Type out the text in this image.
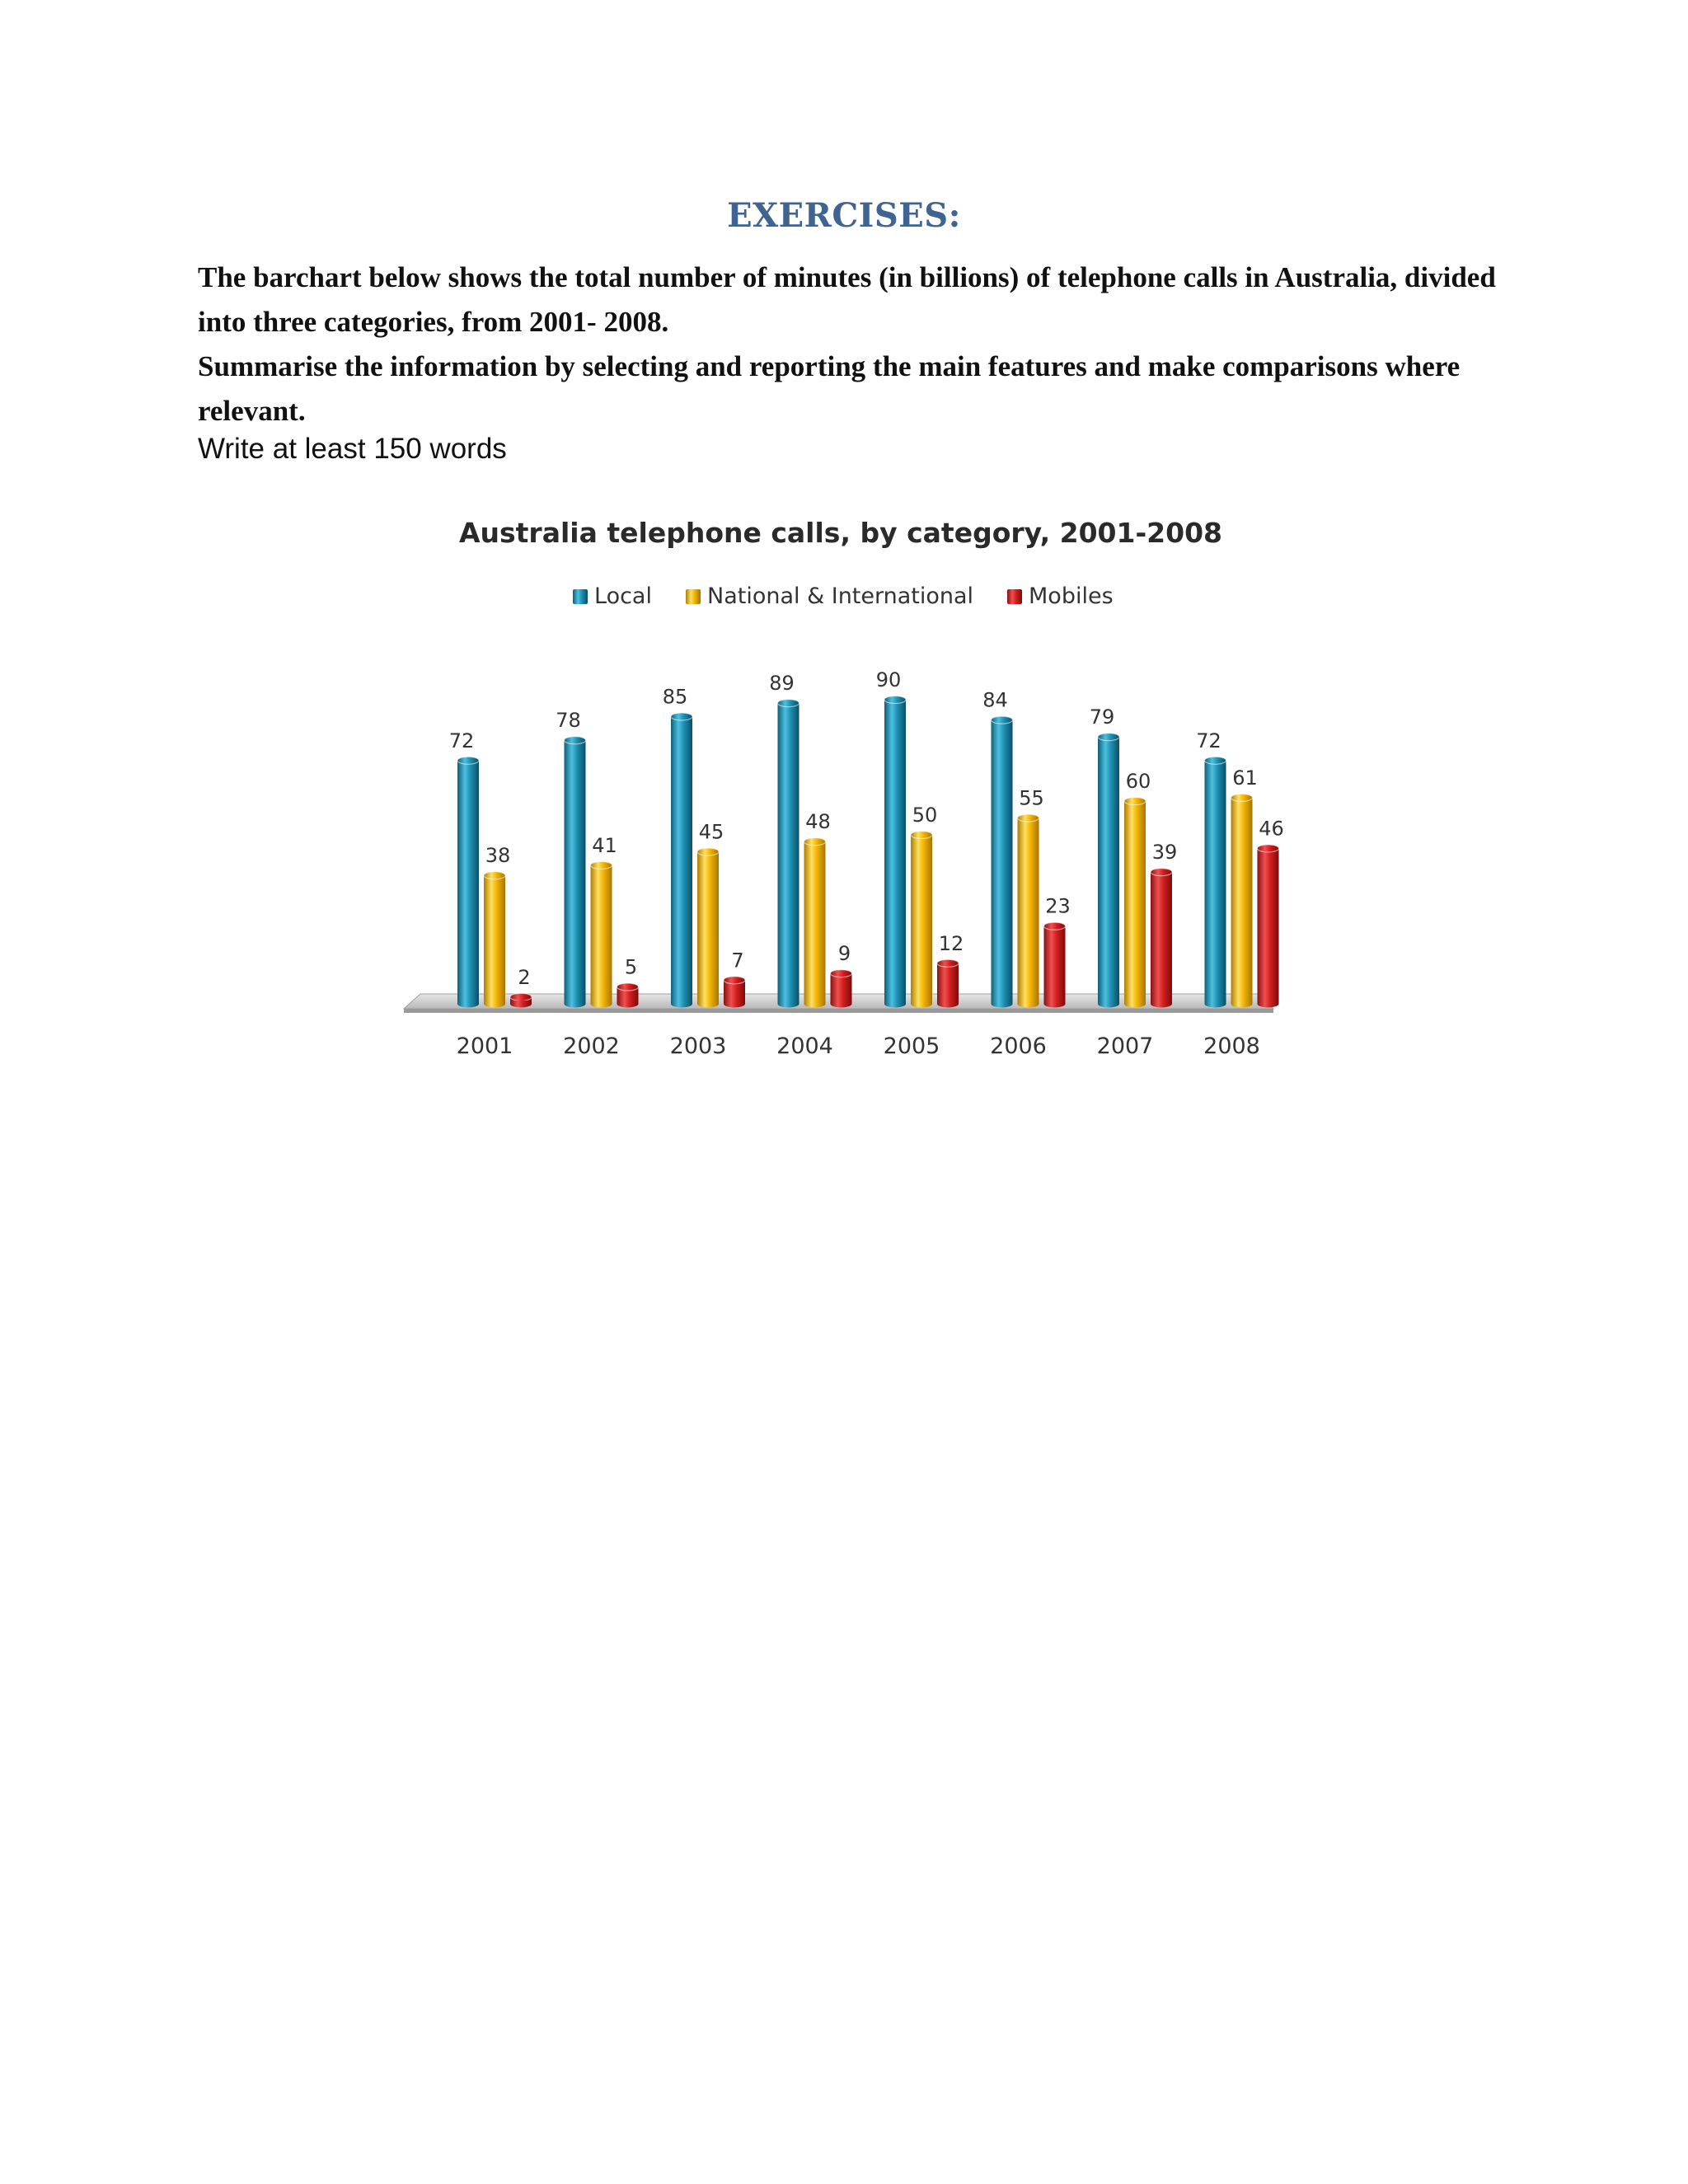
EXERCISES:

The barchart below shows the total number of minutes (in billions) of telephone calls in Australia, divided into three categories, from 2001- 2008.

Summarise the information by selecting and reporting the main features and make comparisons where relevant.

Write at least 150 words
Australia telephone calls, by category, 2001-2008
Local National & International Mobiles
72
38
2
78
41
5
85
45
7
89
48
9
90
50
12
84
55
23
79
60
39
72
61
46
2001 2002 2003 2004 2005 2006 2007 2008
